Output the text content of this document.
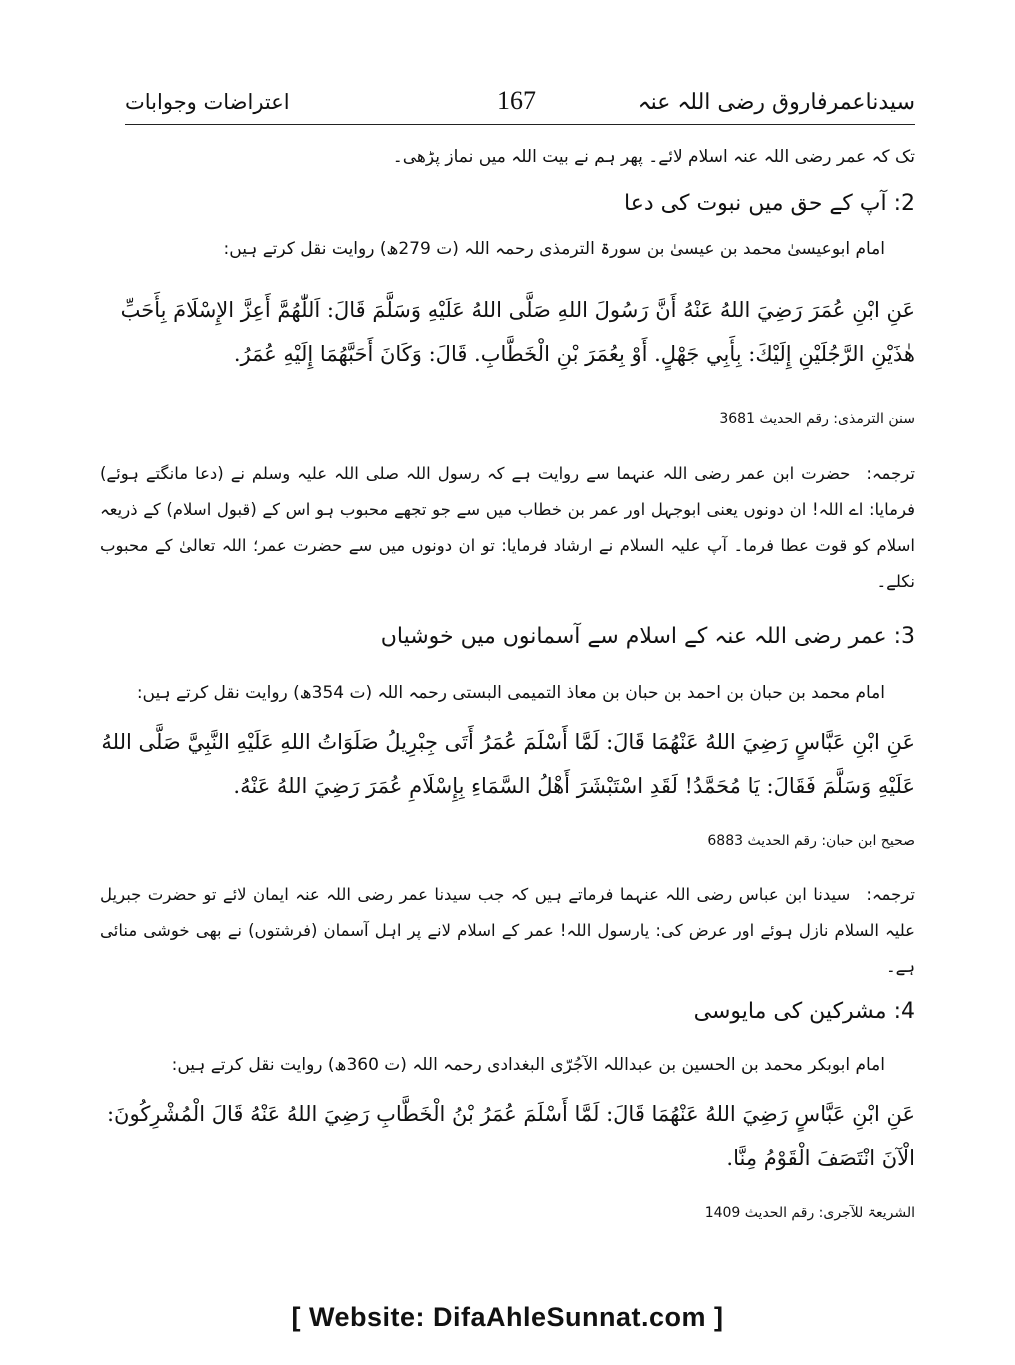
سیدناعمرفاروق رضی اللہ عنہ
167
اعتراضات وجوابات
تک کہ عمر رضی اللہ عنہ اسلام لائے۔ پھر ہم نے بیت اللہ میں نماز پڑھی۔
2: آپ کے حق میں نبوت کی دعا
امام ابوعیسیٰ محمد بن عیسیٰ بن سورۃ الترمذی رحمہ اللہ (ت 279ھ) روایت نقل کرتے ہیں:
عَنِ ابْنِ عُمَرَ رَضِيَ اللهُ عَنْهُ أَنَّ رَسُولَ اللهِ صَلَّى اللهُ عَلَيْهِ وَسَلَّمَ قَالَ: اَللّٰهُمَّ أَعِزَّ الإِسْلَامَ بِأَحَبِّ هٰذَيْنِ الرَّجُلَيْنِ إِلَيْكَ: بِأَبِي جَهْلٍ. أَوْ بِعُمَرَ بْنِ الْخَطَّابِ. قَالَ: وَكَانَ أَحَبَّهُمَا إِلَيْهِ عُمَرُ.
سنن الترمذی: رقم الحدیث 3681
ترجمہ:حضرت ابن عمر رضی اللہ عنہما سے روایت ہے کہ رسول اللہ صلی اللہ علیہ وسلم نے (دعا مانگتے ہوئے) فرمایا: اے اللہ! ان دونوں یعنی ابوجہل اور عمر بن خطاب میں سے جو تجھے محبوب ہو اس کے (قبول اسلام) کے ذریعہ اسلام کو قوت عطا فرما۔ آپ علیہ السلام نے ارشاد فرمایا: تو ان دونوں میں سے حضرت عمر؛ اللہ تعالیٰ کے محبوب نکلے۔
3: عمر رضی اللہ عنہ کے اسلام سے آسمانوں میں خوشیاں
امام محمد بن حبان بن احمد بن حبان بن معاذ التمیمی البستی رحمہ اللہ (ت 354ھ) روایت نقل کرتے ہیں:
عَنِ ابْنِ عَبَّاسٍ رَضِيَ اللهُ عَنْهُمَا قَالَ: لَمَّا أَسْلَمَ عُمَرُ أَتَى جِبْرِيلُ صَلَوَاتُ اللهِ عَلَيْهِ النَّبِيَّ صَلَّى اللهُ عَلَيْهِ وَسَلَّمَ فَقَالَ: يَا مُحَمَّدُ! لَقَدِ اسْتَبْشَرَ أَهْلُ السَّمَاءِ بِإِسْلَامِ عُمَرَ رَضِيَ اللهُ عَنْهُ.
صحیح ابن حبان: رقم الحدیث 6883
ترجمہ:سیدنا ابن عباس رضی اللہ عنہما فرماتے ہیں کہ جب سیدنا عمر رضی اللہ عنہ ایمان لائے تو حضرت جبریل علیہ السلام نازل ہوئے اور عرض کی: یارسول اللہ! عمر کے اسلام لانے پر اہل آسمان (فرشتوں) نے بھی خوشی منائی ہے۔
4: مشرکین کی مایوسی
امام ابوبکر محمد بن الحسین بن عبداللہ الآجُرّی البغدادی رحمہ اللہ (ت 360ھ) روایت نقل کرتے ہیں:
عَنِ ابْنِ عَبَّاسٍ رَضِيَ اللهُ عَنْهُمَا قَالَ: لَمَّا أَسْلَمَ عُمَرُ بْنُ الْخَطَّابِ رَضِيَ اللهُ عَنْهُ قَالَ الْمُشْرِكُونَ: الْآنَ انْتَصَفَ الْقَوْمُ مِنَّا.
الشریعۃ للآجری: رقم الحدیث 1409
[ Website: DifaAhleSunnat.com ]
